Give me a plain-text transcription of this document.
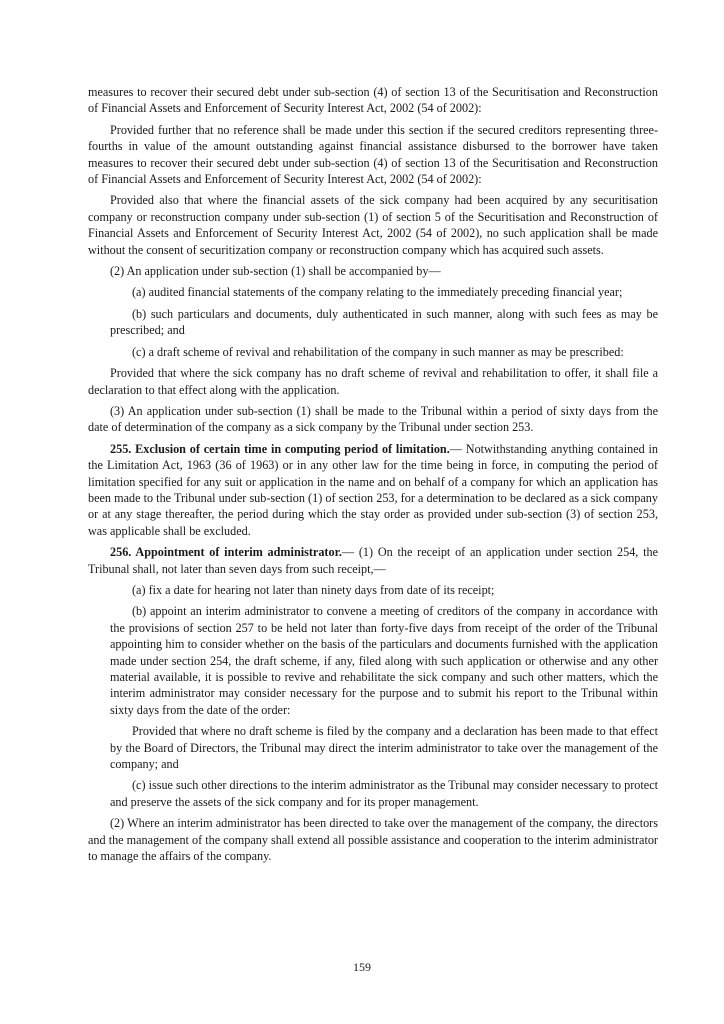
measures to recover their secured debt under sub-section (4) of section 13 of the Securitisation and Reconstruction of Financial Assets and Enforcement of Security Interest Act, 2002 (54 of 2002):

Provided further that no reference shall be made under this section if the secured creditors representing three-fourths in value of the amount outstanding against financial assistance disbursed to the borrower have taken measures to recover their secured debt under sub-section (4) of section 13 of the Securitisation and Reconstruction of Financial Assets and Enforcement of Security Interest Act, 2002 (54 of 2002):

Provided also that where the financial assets of the sick company had been acquired by any securitisation company or reconstruction company under sub-section (1) of section 5 of the Securitisation and Reconstruction of Financial Assets and Enforcement of Security Interest Act, 2002 (54 of 2002), no such application shall be made without the consent of securitization company or reconstruction company which has acquired such assets.

(2) An application under sub-section (1) shall be accompanied by—

(a) audited financial statements of the company relating to the immediately preceding financial year;

(b) such particulars and documents, duly authenticated in such manner, along with such fees as may be prescribed; and

(c) a draft scheme of revival and rehabilitation of the company in such manner as may be prescribed:

Provided that where the sick company has no draft scheme of revival and rehabilitation to offer, it shall file a declaration to that effect along with the application.

(3) An application under sub-section (1) shall be made to the Tribunal within a period of sixty days from the date of determination of the company as a sick company by the Tribunal under section 253.

255. Exclusion of certain time in computing period of limitation.— Notwithstanding anything contained in the Limitation Act, 1963 (36 of 1963) or in any other law for the time being in force, in computing the period of limitation specified for any suit or application in the name and on behalf of a company for which an application has been made to the Tribunal under sub-section (1) of section 253, for a determination to be declared as a sick company or at any stage thereafter, the period during which the stay order as provided under sub-section (3) of section 253, was applicable shall be excluded.

256. Appointment of interim administrator.— (1) On the receipt of an application under section 254, the Tribunal shall, not later than seven days from such receipt,—

(a) fix a date for hearing not later than ninety days from date of its receipt;

(b) appoint an interim administrator to convene a meeting of creditors of the company in accordance with the provisions of section 257 to be held not later than forty-five days from receipt of the order of the Tribunal appointing him to consider whether on the basis of the particulars and documents furnished with the application made under section 254, the draft scheme, if any, filed along with such application or otherwise and any other material available, it is possible to revive and rehabilitate the sick company and such other matters, which the interim administrator may consider necessary for the purpose and to submit his report to the Tribunal within sixty days from the date of the order:

Provided that where no draft scheme is filed by the company and a declaration has been made to that effect by the Board of Directors, the Tribunal may direct the interim administrator to take over the management of the company; and

(c) issue such other directions to the interim administrator as the Tribunal may consider necessary to protect and preserve the assets of the sick company and for its proper management.

(2) Where an interim administrator has been directed to take over the management of the company, the directors and the management of the company shall extend all possible assistance and cooperation to the interim administrator to manage the affairs of the company.

159
